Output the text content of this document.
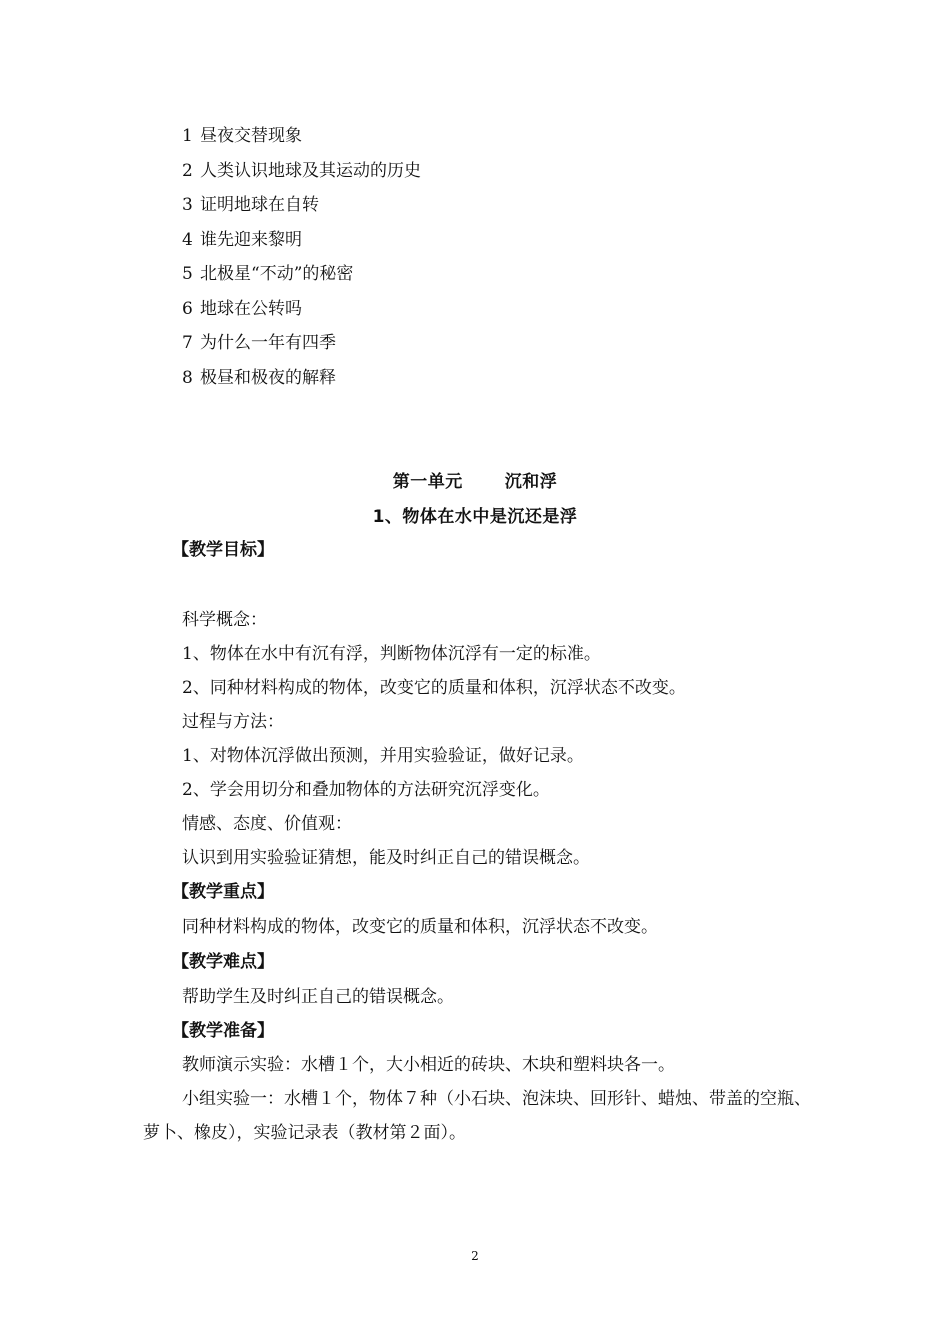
1 昼夜交替现象
2 人类认识地球及其运动的历史
3 证明地球在自转
4 谁先迎来黎明
5 北极星“不动”的秘密
6 地球在公转吗
7 为什么一年有四季
8 极昼和极夜的解释
第一单元 沉和浮
1、物体在水中是沉还是浮
【教学目标】
科学概念：
1、物体在水中有沉有浮，判断物体沉浮有一定的标准。
2、同种材料构成的物体，改变它的质量和体积，沉浮状态不改变。
过程与方法：
1、对物体沉浮做出预测，并用实验验证，做好记录。
2、学会用切分和叠加物体的方法研究沉浮变化。
情感、态度、价值观：
认识到用实验验证猜想，能及时纠正自己的错误概念。
【教学重点】
同种材料构成的物体，改变它的质量和体积，沉浮状态不改变。
【教学难点】
帮助学生及时纠正自己的错误概念。
【教学准备】
教师演示实验：水槽１个，大小相近的砖块、木块和塑料块各一。
小组实验一：水槽１个，物体７种（小石块、泡沫块、回形针、蜡烛、带盖的空瓶、萝卜、橡皮），实验记录表（教材第２面）。
2
